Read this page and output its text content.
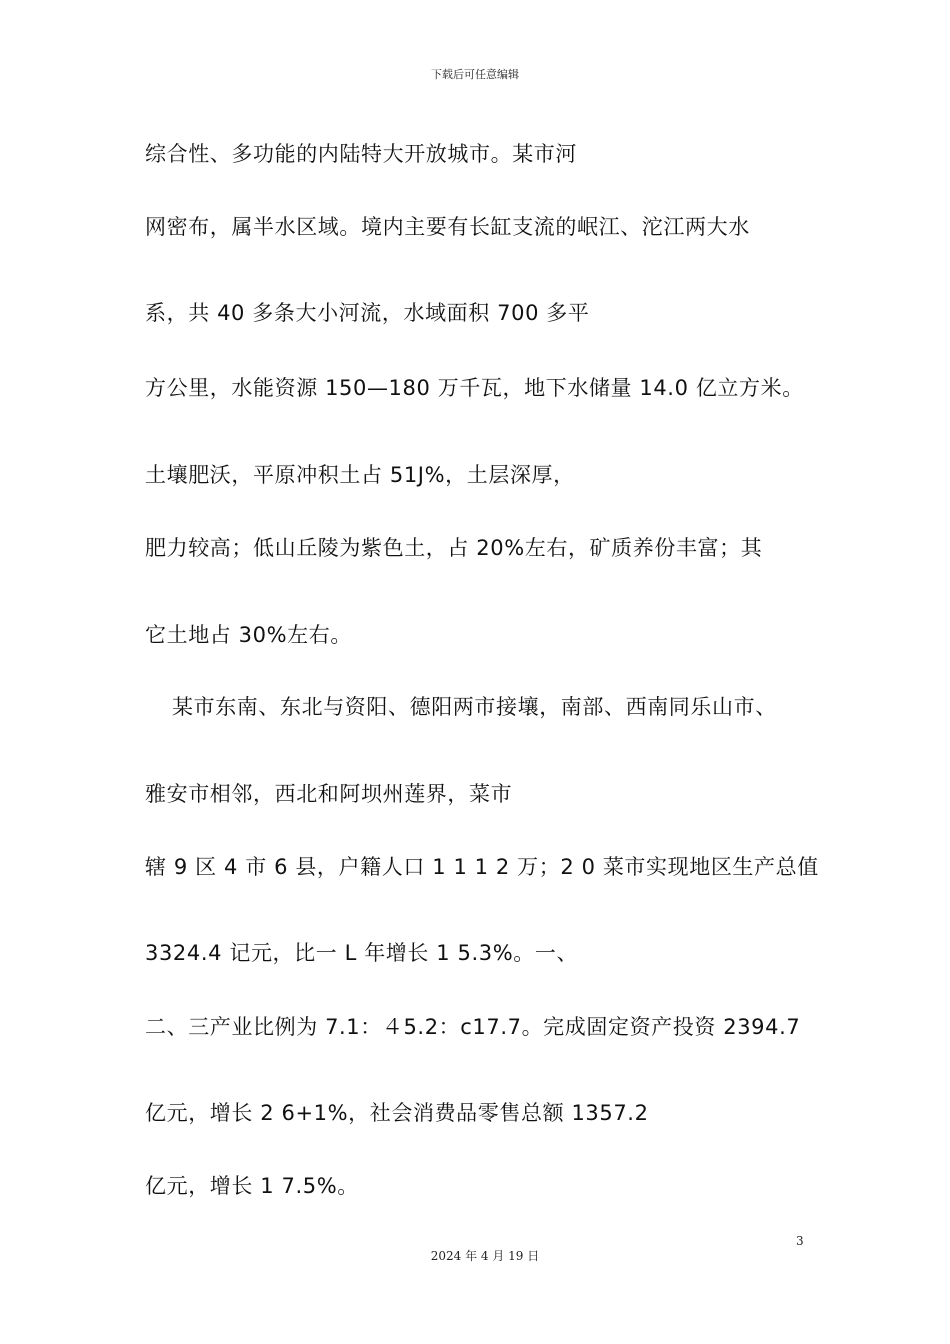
下载后可任意编辑
综合性、多功能的内陆特大开放城市。某市河
网密布，属半水区域。境内主要有长缸支流的岷江、沱江两大水
系，共 40 多条大小河流，水域面积 700 多平
方公里，水能资源 150—180 万千瓦，地下水储量 14.0 亿立方米。
土壤肥沃，平原冲积土占 51J%，土层深厚，
肥力较高；低山丘陵为紫色土，占 20%左右，矿质养份丰富；其
它土地占 30%左右。
某市东南、东北与资阳、德阳两市接壤，南部、西南同乐山市、
雅安市相邻，西北和阿坝州莲界，菜市
辖 9 区 4 市 6 县，户籍人口 1 1 1 2 万；2 0 菜市实现地区生产总值
3324.4 记元，比一 L 年增长 1 5.3%。一、
二、三产业比例为 7.1：４5.2：c17.7。完成固定资产投资 2394.7
亿元，增长 2 6+1%，社会消费品零售总额 1357.2
亿元，增长 1 7.5%。
3
2024 年 4 月 19 日
